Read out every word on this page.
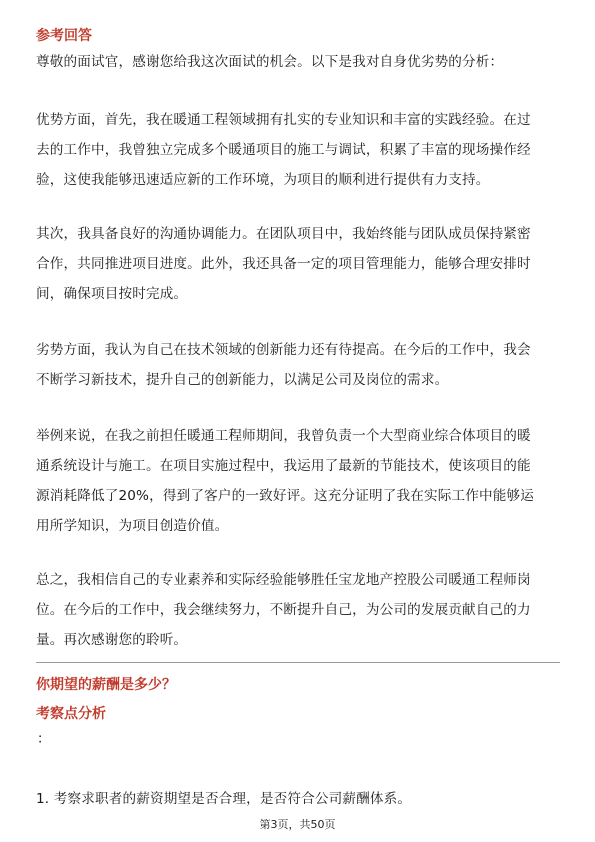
参考回答
尊敬的面试官，感谢您给我这次面试的机会。以下是我对自身优劣势的分析：
优势方面，首先，我在暖通工程领域拥有扎实的专业知识和丰富的实践经验。在过
去的工作中，我曾独立完成多个暖通项目的施工与调试，积累了丰富的现场操作经
验，这使我能够迅速适应新的工作环境，为项目的顺利进行提供有力支持。
其次，我具备良好的沟通协调能力。在团队项目中，我始终能与团队成员保持紧密
合作，共同推进项目进度。此外，我还具备一定的项目管理能力，能够合理安排时
间，确保项目按时完成。
劣势方面，我认为自己在技术领域的创新能力还有待提高。在今后的工作中，我会
不断学习新技术，提升自己的创新能力，以满足公司及岗位的需求。
举例来说，在我之前担任暖通工程师期间，我曾负责一个大型商业综合体项目的暖
通系统设计与施工。在项目实施过程中，我运用了最新的节能技术，使该项目的能
源消耗降低了20%，得到了客户的一致好评。这充分证明了我在实际工作中能够运
用所学知识，为项目创造价值。
总之，我相信自己的专业素养和实际经验能够胜任宝龙地产控股公司暖通工程师岗
位。在今后的工作中，我会继续努力，不断提升自己，为公司的发展贡献自己的力
量。再次感谢您的聆听。
你期望的薪酬是多少？
考察点分析
：
1. 考察求职者的薪资期望是否合理，是否符合公司薪酬体系。
第3页，共50页
